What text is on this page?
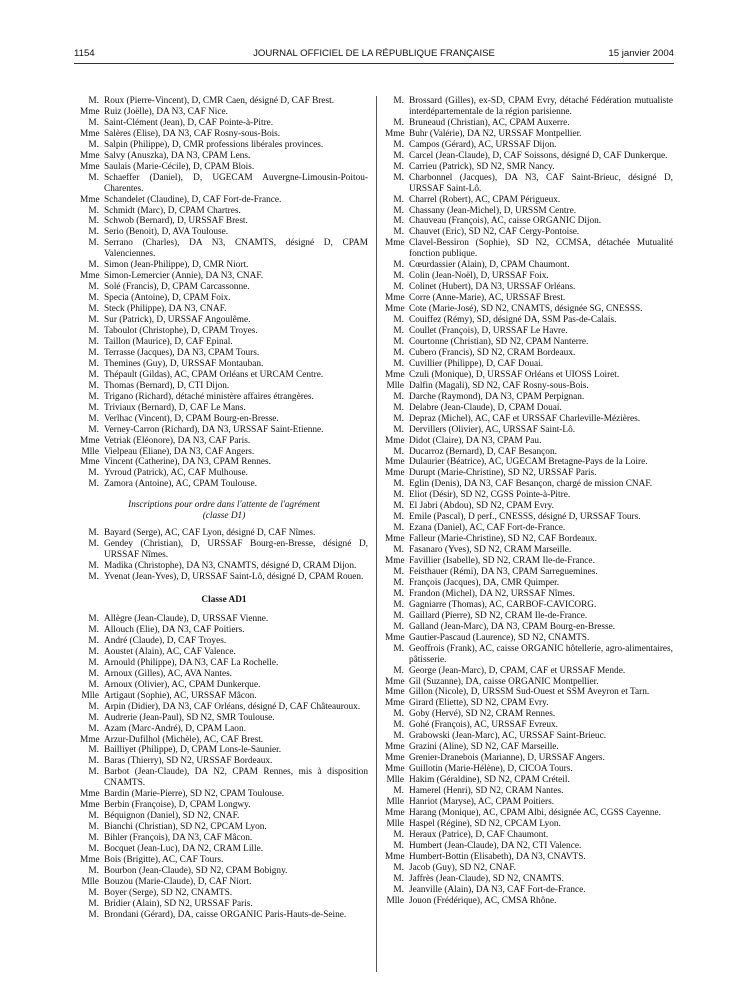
1154	JOURNAL OFFICIEL DE LA RÉPUBLIQUE FRANÇAISE	15 janvier 2004
M. Roux (Pierre-Vincent), D, CMR Caen, désigné D, CAF Brest.
Mme Ruiz (Joëlle), DA N3, CAF Nice.
M. Saint-Clément (Jean), D, CAF Pointe-à-Pitre.
Mme Salères (Elise), DA N3, CAF Rosny-sous-Bois.
M. Salpin (Philippe), D, CMR professions libérales provinces.
Mme Salvy (Anuszka), DA N3, CPAM Lens.
Mme Saulais (Marie-Cécile), D, CPAM Blois.
M. Schaeffer (Daniel), D, UGECAM Auvergne-Limousin-Poitou-Charentes.
Mme Schandelet (Claudine), D, CAF Fort-de-France.
M. Schmidt (Marc), D, CPAM Chartres.
M. Schwob (Bernard), D, URSSAF Brest.
M. Serio (Benoit), D, AVA Toulouse.
M. Serrano (Charles), DA N3, CNAMTS, désigné D, CPAM Valenciennes.
M. Simon (Jean-Philippe), D, CMR Niort.
Mme Simon-Lemercier (Annie), DA N3, CNAF.
M. Solé (Francis), D, CPAM Carcassonne.
M. Specia (Antoine), D, CPAM Foix.
M. Steck (Philippe), DA N3, CNAF.
M. Sur (Patrick), D, URSSAF Angoulême.
M. Taboulot (Christophe), D, CPAM Troyes.
M. Taillon (Maurice), D, CAF Epinal.
M. Terrasse (Jacques), DA N3, CPAM Tours.
M. Themines (Guy), D, URSSAF Montauban.
M. Thépault (Gildas), AC, CPAM Orléans et URCAM Centre.
M. Thomas (Bernard), D, CTI Dijon.
M. Trigano (Richard), détaché ministère affaires étrangères.
M. Triviaux (Bernard), D, CAF Le Mans.
M. Verlhac (Vincent), D, CPAM Bourg-en-Bresse.
M. Verney-Carron (Richard), DA N3, URSSAF Saint-Etienne.
Mme Vetriak (Eléonore), DA N3, CAF Paris.
Mlle Vielpeau (Eliane), DA N3, CAF Angers.
Mme Vincent (Catherine), DA N3, CPAM Rennes.
M. Yvroud (Patrick), AC, CAF Mulhouse.
M. Zamora (Antoine), AC, CPAM Toulouse.
Inscriptions pour ordre dans l'attente de l'agrément
(classe D1)
M. Bayard (Serge), AC, CAF Lyon, désigné D, CAF Nîmes.
M. Gendey (Christian), D, URSSAF Bourg-en-Bresse, désigné D, URSSAF Nîmes.
M. Madika (Christophe), DA N3, CNAMTS, désigné D, CRAM Dijon.
M. Yvenat (Jean-Yves), D, URSSAF Saint-Lô, désigné D, CPAM Rouen.
Classe AD1
M. Allègre (Jean-Claude), D, URSSAF Vienne.
M. Allouch (Elie), DA N3, CAF Poitiers.
M. André (Claude), D, CAF Troyes.
M. Aoustet (Alain), AC, CAF Valence.
M. Arnould (Philippe), DA N3, CAF La Rochelle.
M. Arnoux (Gilles), AC, AVA Nantes.
M. Arnoux (Olivier), AC, CPAM Dunkerque.
Mlle Artigaut (Sophie), AC, URSSAF Mâcon.
M. Arpin (Didier), DA N3, CAF Orléans, désigné D, CAF Châteauroux.
M. Audrerie (Jean-Paul), SD N2, SMR Toulouse.
M. Azam (Marc-André), D, CPAM Laon.
Mme Arzur-Dufilhol (Michèle), AC, CAF Brest.
M. Bailliyet (Philippe), D, CPAM Lons-le-Saunier.
M. Baras (Thierry), SD N2, URSSAF Bordeaux.
M. Barbot (Jean-Claude), DA N2, CPAM Rennes, mis à disposition CNAMTS.
Mme Bardin (Marie-Pierre), SD N2, CPAM Toulouse.
Mme Berbin (Françoise), D, CPAM Longwy.
M. Béquignon (Daniel), SD N2, CNAF.
M. Bianchi (Christian), SD N2, CPCAM Lyon.
M. Bihler (François), DA N3, CAF Mâcon.
M. Bocquet (Jean-Luc), DA N2, CRAM Lille.
Mme Bois (Brigitte), AC, CAF Tours.
M. Bourbon (Jean-Claude), SD N2, CPAM Bobigny.
Mlle Bouzou (Marie-Claude), D, CAF Niort.
M. Boyer (Serge), SD N2, CNAMTS.
M. Bridier (Alain), SD N2, URSSAF Paris.
M. Brondani (Gérard), DA, caisse ORGANIC Paris-Hauts-de-Seine.
M. Brossard (Gilles), ex-SD, CPAM Evry, détaché Fédération mutualiste interdépartementale de la région parisienne.
M. Bruneaud (Christian), AC, CPAM Auxerre.
Mme Buhr (Valérie), DA N2, URSSAF Montpellier.
M. Campos (Gérard), AC, URSSAF Dijon.
M. Carcel (Jean-Claude), D, CAF Soissons, désigné D, CAF Dunkerque.
M. Carrieu (Patrick), SD N2, SMR Nancy.
M. Charbonnel (Jacques), DA N3, CAF Saint-Brieuc, désigné D, URSSAF Saint-Lô.
M. Charrel (Robert), AC, CPAM Périgueux.
M. Chassany (Jean-Michel), D, URSSM Centre.
M. Chauveau (François), AC, caisse ORGANIC Dijon.
M. Chauvet (Eric), SD N2, CAF Cergy-Pontoise.
Mme Clavel-Bessiron (Sophie), SD N2, CCMSA, détachée Mutualité fonction publique.
M. Cœurdassier (Alain), D, CPAM Chaumont.
M. Colin (Jean-Noël), D, URSSAF Foix.
M. Colinet (Hubert), DA N3, URSSAF Orléans.
Mme Corre (Anne-Marie), AC, URSSAF Brest.
Mme Cote (Marie-José), SD N2, CNAMTS, désignée SG, CNESSS.
M. Couiffez (Rémy), SD, désigné DA, SSM Pas-de-Calais.
M. Coullet (François), D, URSSAF Le Havre.
M. Courtonne (Christian), SD N2, CPAM Nanterre.
M. Cubero (Francis), SD N2, CRAM Bordeaux.
M. Cuvillier (Philippe), D, CAF Douai.
Mme Czuli (Monique), D, URSSAF Orléans et UIOSS Loiret.
Mlle Dalfin (Magali), SD N2, CAF Rosny-sous-Bois.
M. Darche (Raymond), DA N3, CPAM Perpignan.
M. Delabre (Jean-Claude), D, CPAM Douai.
M. Depraz (Michel), AC, CAF et URSSAF Charleville-Mézières.
M. Dervillers (Olivier), AC, URSSAF Saint-Lô.
Mme Didot (Claire), DA N3, CPAM Pau.
M. Ducarroz (Bernard), D, CAF Besançon.
Mme Dulaurier (Béatrice), AC, UGECAM Bretagne-Pays de la Loire.
Mme Durupt (Marie-Christine), SD N2, URSSAF Paris.
M. Eglin (Denis), DA N3, CAF Besançon, chargé de mission CNAF.
M. Eliot (Désir), SD N2, CGSS Pointe-à-Pitre.
M. El Jabri (Abdou), SD N2, CPAM Evry.
M. Emile (Pascal), D perf., CNESSS, désigné D, URSSAF Tours.
M. Ezana (Daniel), AC, CAF Fort-de-France.
Mme Falleur (Marie-Christine), SD N2, CAF Bordeaux.
M. Fasanaro (Yves), SD N2, CRAM Marseille.
Mme Favillier (Isabelle), SD N2, CRAM Ile-de-France.
M. Feisthauer (Rémi), DA N3, CPAM Sarreguemines.
M. François (Jacques), DA, CMR Quimper.
M. Frandon (Michel), DA N2, URSSAF Nîmes.
M. Gagniarre (Thomas), AC, CARBOF-CAVICORG.
M. Gaillard (Pierre), SD N2, CRAM Ile-de-France.
M. Galland (Jean-Marc), DA N3, CPAM Bourg-en-Bresse.
Mme Gautier-Pascaud (Laurence), SD N2, CNAMTS.
M. Geoffrois (Frank), AC, caisse ORGANIC hôtellerie, agro-alimentaires, pâtisserie.
M. George (Jean-Marc), D, CPAM, CAF et URSSAF Mende.
Mme Gil (Suzanne), DA, caisse ORGANIC Montpellier.
Mme Gillon (Nicole), D, URSSM Sud-Ouest et SSM Aveyron et Tarn.
Mme Girard (Eliette), SD N2, CPAM Evry.
M. Goby (Hervé), SD N2, CRAM Rennes.
M. Gohé (François), AC, URSSAF Evreux.
M. Grabowski (Jean-Marc), AC, URSSAF Saint-Brieuc.
Mme Grazini (Aline), SD N2, CAF Marseille.
Mme Grenier-Dranebois (Marianne), D, URSSAF Angers.
Mme Guillotin (Marie-Hélène), D, CICOA Tours.
Mlle Hakim (Géraldine), SD N2, CPAM Créteil.
M. Hamerel (Henri), SD N2, CRAM Nantes.
Mlle Hanriot (Maryse), AC, CPAM Poitiers.
Mme Harang (Monique), AC, CPAM Albi, désignée AC, CGSS Cayenne.
Mlle Haspel (Régine), SD N2, CPCAM Lyon.
M. Heraux (Patrice), D, CAF Chaumont.
M. Humbert (Jean-Claude), DA N2, CTI Valence.
Mme Humbert-Bottin (Elisabeth), DA N3, CNAVTS.
M. Jacob (Guy), SD N2, CNAF.
M. Jaffrès (Jean-Claude), SD N2, CNAMTS.
M. Jeanville (Alain), DA N3, CAF Fort-de-France.
Mlle Jouon (Frédérique), AC, CMSA Rhône.
